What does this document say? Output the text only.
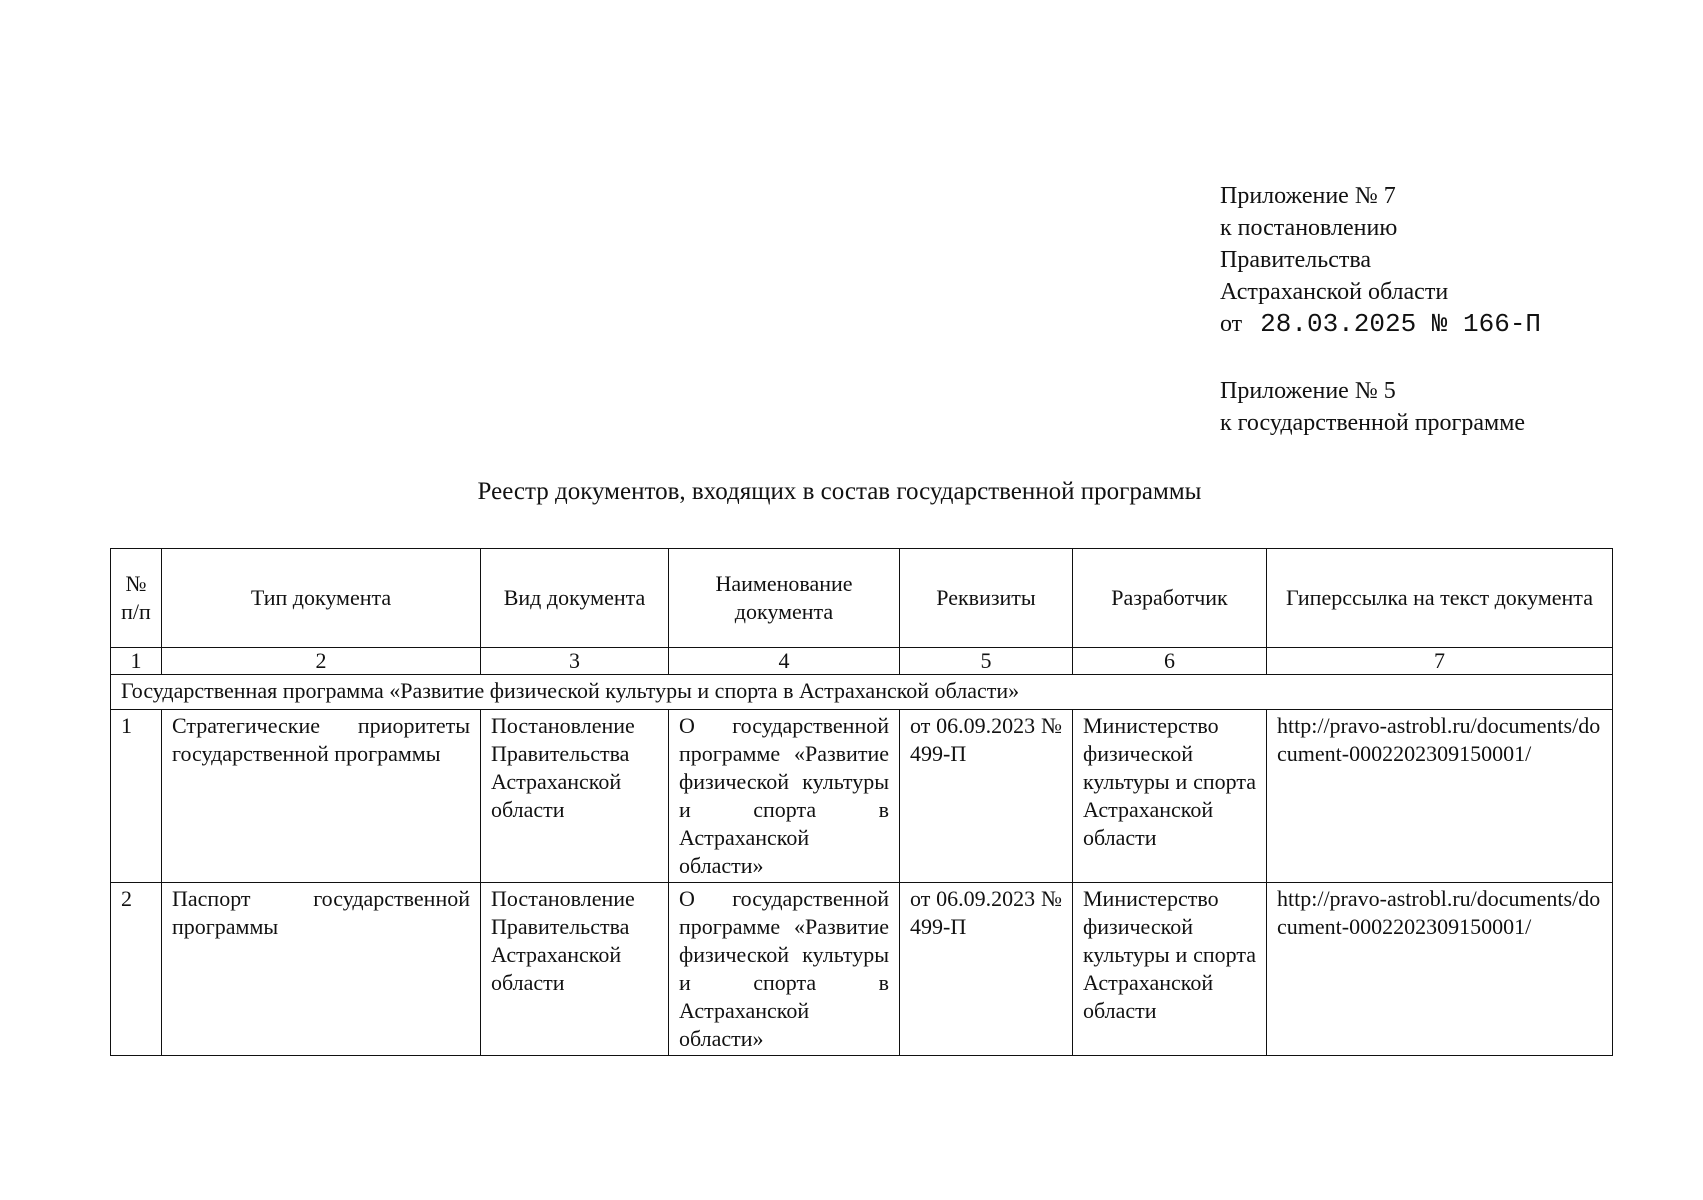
Приложение № 7
к постановлению
Правительства
Астраханской области
от 28.03.2025 № 166-П
Приложение № 5
к государственной программе
Реестр документов, входящих в состав государственной программы
№ п/п	Тип документа	Вид документа	Наименование документа	Реквизиты	Разработчик	Гиперссылка на текст документа
1	2	3	4	5	6	7
Государственная программа «Развитие физической культуры и спорта в Астраханской области»						
1	Стратегические приоритеты государственной программы	Постановление Правительства Астраханской области	О государственной программе «Развитие физической культуры и спорта в Астраханской области»	от 06.09.2023 № 499-П	Министерство физической культуры и спорта Астраханской области	http://pravo-astrobl.ru/documents/document-0002202309150001/
2	Паспорт государственной программы	Постановление Правительства Астраханской области	О государственной программе «Развитие физической культуры и спорта в Астраханской области»	от 06.09.2023 № 499-П	Министерство физической культуры и спорта Астраханской области	http://pravo-astrobl.ru/documents/document-0002202309150001/
